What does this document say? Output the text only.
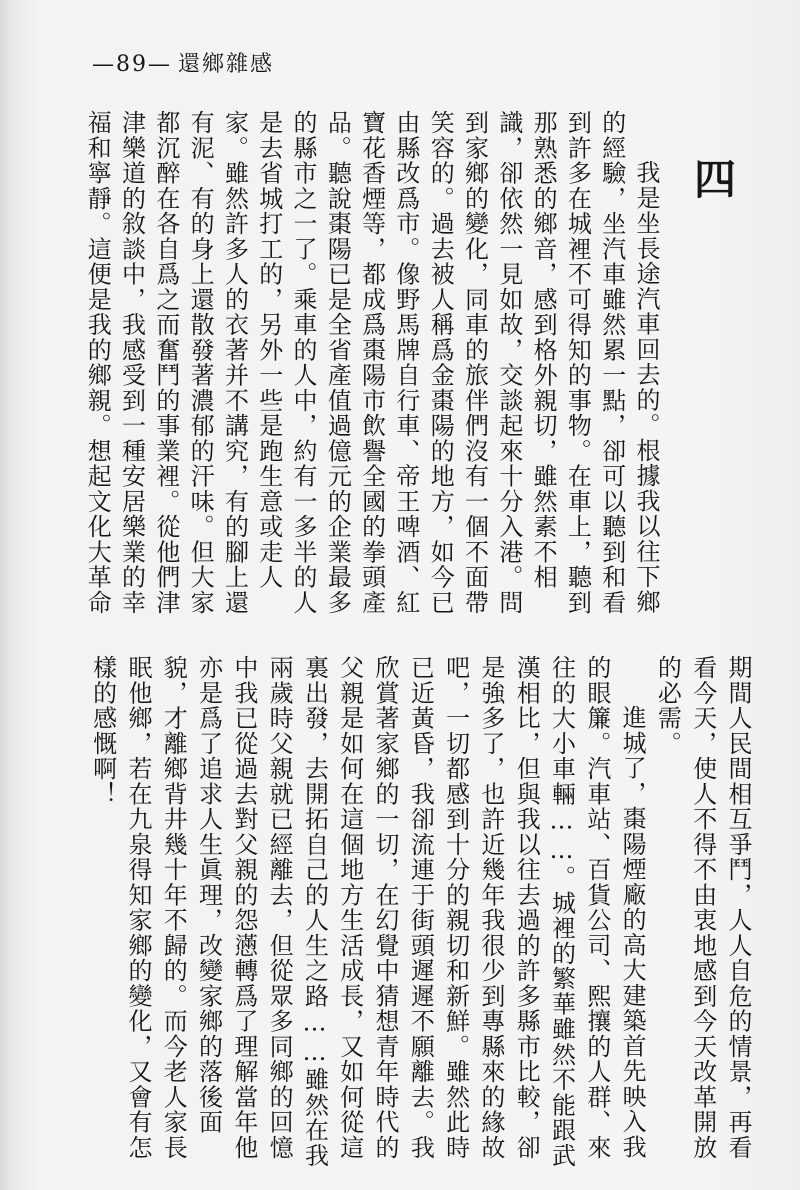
—89— 還鄉雜感
四
我是坐長途汽車回去的。根據我以往下鄉
的經驗，坐汽車雖然累一點，卻可以聽到和看
到許多在城裡不可得知的事物。在車上，聽到
那熟悉的鄉音，感到格外親切，雖然素不相
識，卻依然一見如故，交談起來十分入港。問
到家鄉的變化，同車的旅伴們沒有一個不面帶
笑容的。過去被人稱爲金棗陽的地方，如今已
由縣改爲市。像野馬牌自行車、帝王啤酒、紅
寶花香煙等，都成爲棗陽市飲譽全國的拳頭產
品。聽說棗陽已是全省產值過億元的企業最多
的縣市之一了。乘車的人中，約有一多半的人
是去省城打工的，另外一些是跑生意或走人
家。雖然許多人的衣著并不講究，有的腳上還
有泥、有的身上還散發著濃郁的汗味。但大家
都沉醉在各自爲之而奮鬥的事業裡。從他們津
津樂道的敘談中，我感受到一種安居樂業的幸
福和寧靜。這便是我的鄉親。想起文化大革命
期間人民間相互爭鬥，人人自危的情景，再看
看今天，使人不得不由衷地感到今天改革開放
的必需。
進城了，棗陽煙廠的高大建築首先映入我
的眼簾。汽車站、百貨公司、熙攘的人群、來
往的大小車輛……。城裡的繁華雖然不能跟武
漢相比，但與我以往去過的許多縣市比較，卻
是強多了，也許近幾年我很少到專縣來的緣故
吧，一切都感到十分的親切和新鮮。雖然此時
已近黃昏，我卻流連于街頭遲遲不願離去。我
欣賞著家鄉的一切，在幻覺中猜想青年時代的
父親是如何在這個地方生活成長，又如何從這
裏出發，去開拓自己的人生之路……雖然在我
兩歲時父親就已經離去，但從眾多同鄉的回憶
中我已從過去對父親的怨懣轉爲了理解當年他
亦是爲了追求人生眞理，改變家鄉的落後面
貌，才離鄉背井幾十年不歸的。而今老人家長
眠他鄉，若在九泉得知家鄉的變化，又會有怎
樣的感慨啊！
